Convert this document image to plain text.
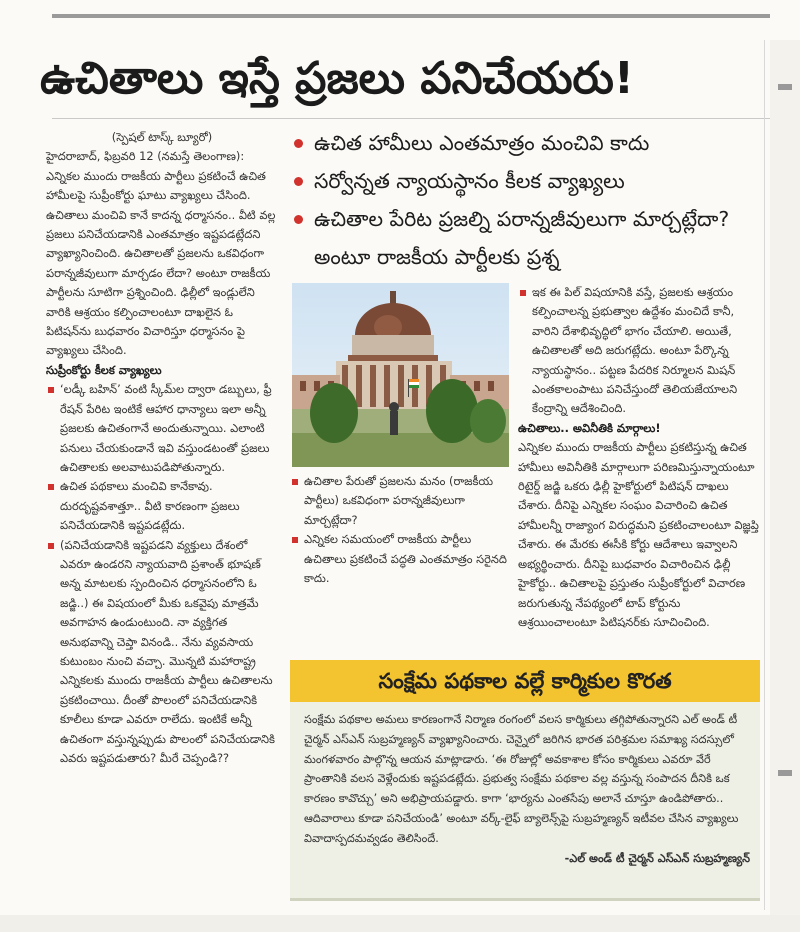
ఉచితాలు ఇస్తే ప్రజలు పనిచేయరు!

(స్పెషల్ టాస్క్ బ్యూరో)

హైదరాబాద్, ఫిబ్రవరి 12 (నమస్తే తెలంగాణ): ఎన్నికల ముందు రాజకీయ పార్టీలు ప్రకటించే ఉచిత హామీలపై సుప్రీంకోర్టు ఘాటు వ్యాఖ్యలు చేసింది. ఉచితాలు మంచివి కానే కాదన్న ధర్మాసనం.. వీటి వల్ల ప్రజలు పనిచేయడానికి ఎంతమాత్రం ఇష్టపడట్లేదని వ్యాఖ్యానించింది. ఉచితాలతో ప్రజలను ఒకవిధంగా పరాన్నజీవులుగా మార్చడం లేదా? అంటూ రాజకీయ పార్టీలను సూటిగా ప్రశ్నించింది. ఢిల్లీలో ఇండ్లులేని వారికి ఆశ్రయం కల్పించాలంటూ దాఖలైన ఓ పిటిషన్‌ను బుధవారం విచారిస్తూ ధర్మాసనం పై వ్యాఖ్యలు చేసింది.

సుప్రీంకోర్టు కీలక వ్యాఖ్యలు

‘లడ్కీ బహిన్’ వంటి స్కీమ్‌ల ద్వారా డబ్బులు, ఫ్రీ రేషన్ పేరిట ఇంటికే ఆహార ధాన్యాలు ఇలా అన్నీ ప్రజలకు ఉచితంగానే అందుతున్నాయి. ఎలాంటి పనులు చేయకుండానే ఇవి వస్తుండటంతో ప్రజలు ఉచితాలకు అలవాటుపడిపోతున్నారు.
ఉచిత పథకాలు మంచివి కానేకావు. దురదృష్టవశాత్తూ.. వీటి కారణంగా ప్రజలు పనిచేయడానికి ఇష్టపడట్లేదు.
(పనిచేయడానికి ఇష్టపడని వ్యక్తులు దేశంలో ఎవరూ ఉండరని న్యాయవాది ప్రశాంత్ భూషణ్ అన్న మాటలకు స్పందించిన ధర్మాసనంలోని ఓ జడ్జి..) ఈ విషయంలో మీకు ఒకవైపు మాత్రమే అవగాహన ఉండుంటుంది. నా వ్యక్తిగత అనుభవాన్ని చెప్తా వినండి.. నేను వ్యవసాయ కుటుంబం నుంచి వచ్చా. మొన్నటి మహారాష్ట్ర ఎన్నికలకు ముందు రాజకీయ పార్టీలు ఉచితాలను ప్రకటించాయి. దీంతో పొలంలో పనిచేయడానికి కూలీలు కూడా ఎవరూ రాలేదు. ఇంటికే అన్నీ ఉచితంగా వస్తున్నప్పుడు పొలంలో పనిచేయడానికి ఎవరు ఇష్టపడుతారు? మీరే చెప్పండి??
ఉచిత హామీలు ఎంతమాత్రం మంచివి కాదు
సర్వోన్నత న్యాయస్థానం కీలక వ్యాఖ్యలు
ఉచితాల పేరిట ప్రజల్ని పరాన్నజీవులుగా మార్చట్లేదా? అంటూ రాజకీయ పార్టీలకు ప్రశ్న
ఉచితాల పేరుతో ప్రజలను మనం (రాజకీయ పార్టీలు) ఒకవిధంగా పరాన్నజీవులుగా మార్చట్లేదా?
ఎన్నికల సమయంలో రాజకీయ పార్టీలు ఉచితాలు ప్రకటించే పద్ధతి ఎంతమాత్రం సరైనది కాదు.
ఇక ఈ పిల్ విషయానికి వస్తే, ప్రజలకు ఆశ్రయం కల్పించాలన్న ప్రభుత్వాల ఉద్దేశం మంచిదే కానీ, వారిని దేశాభివృద్ధిలో భాగం చేయాలి. అయితే, ఉచితాలతో అది జరుగట్లేదు. అంటూ పేర్కొన్న న్యాయస్థానం.. పట్టణ పేదరిక నిర్మూలన మిషన్ ఎంతకాలంపాటు పనిచేస్తుందో తెలియజేయాలని కేంద్రాన్ని ఆదేశించింది.

ఉచితాలు.. అవినీతికి మార్గాలు!

ఎన్నికల ముందు రాజకీయ పార్టీలు ప్రకటిస్తున్న ఉచిత హామీలు అవినీతికి మార్గాలుగా పరిణమిస్తున్నాయంటూ రిటైర్డ్ జడ్జి ఒకరు ఢిల్లీ హైకోర్టులో పిటిషన్ దాఖలు చేశారు. దీనిపై ఎన్నికల సంఘం విచారించి ఉచిత హామీలన్నీ రాజ్యాంగ విరుద్ధమని ప్రకటించాలంటూ విజ్ఞప్తి చేశారు. ఈ మేరకు ఈసీకి కోర్టు ఆదేశాలు ఇవ్వాలని అభ్యర్థించారు. దీనిపై బుధవారం విచారించిన ఢిల్లీ హైకోర్టు.. ఉచితాలపై ప్రస్తుతం సుప్రీంకోర్టులో విచారణ జరుగుతున్న నేపథ్యంలో టాప్ కోర్టును ఆశ్రయించాలంటూ పిటిషనర్‌కు సూచించింది.

సంక్షేమ పథకాల వల్లే కార్మికుల కొరత
సంక్షేమ పథకాల అమలు కారణంగానే నిర్మాణ రంగంలో వలస కార్మికులు తగ్గిపోతున్నారని ఎల్ అండ్ టీ చైర్మన్ ఎస్‌ఎన్ సుబ్రహ్మణ్యన్ వ్యాఖ్యానించారు. చెన్నైలో జరిగిన భారత పరిశ్రమల సమాఖ్య సదస్సులో మంగళవారం పాల్గొన్న ఆయన మాట్లాడారు. ‘ఈ రోజుల్లో అవకాశాల కోసం కార్మికులు ఎవరూ వేరే ప్రాంతానికి వలస వెళ్లేందుకు ఇష్టపడట్లేదు. ప్రభుత్వ సంక్షేమ పథకాల వల్ల వస్తున్న సంపాదన దీనికి ఒక కారణం కావొచ్చు’ అని అభిప్రాయపడ్డారు. కాగా ‘భార్యను ఎంతసేపు అలానే చూస్తూ ఉండిపోతారు.. ఆదివారాలు కూడా పనిచేయండి’ అంటూ వర్క్-లైఫ్ బ్యాలెన్స్‌పై సుబ్రహ్మణ్యన్ ఇటీవల చేసిన వ్యాఖ్యలు వివాదాస్పదమవ్వడం తెలిసిందే.
-ఎల్ అండ్ టీ చైర్మన్ ఎస్‌ఎన్ సుబ్రహ్మణ్యన్
